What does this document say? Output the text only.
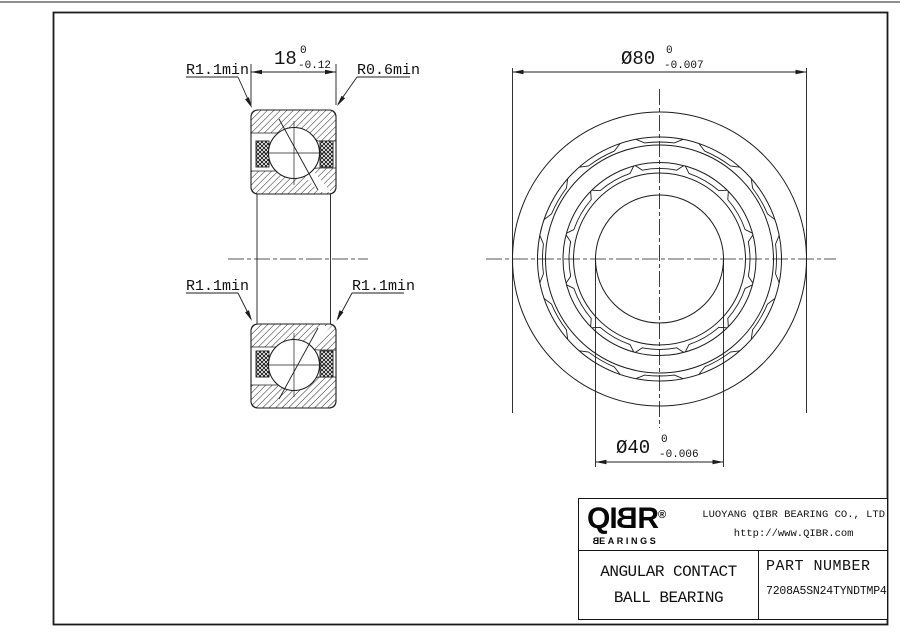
R1.1min	R0.6min
R1.1min	R1.1min
18 0
-0.12	Ø80 0
-0.007
Ø40 0
-0.006
QIBR®
BEARINGS
LUOYANG QIBR BEARING CO., LTD
http://www.QIBR.com
ANGULAR CONTACT
BALL BEARING
PART NUMBER
7208A5SN24TYNDTMP4
